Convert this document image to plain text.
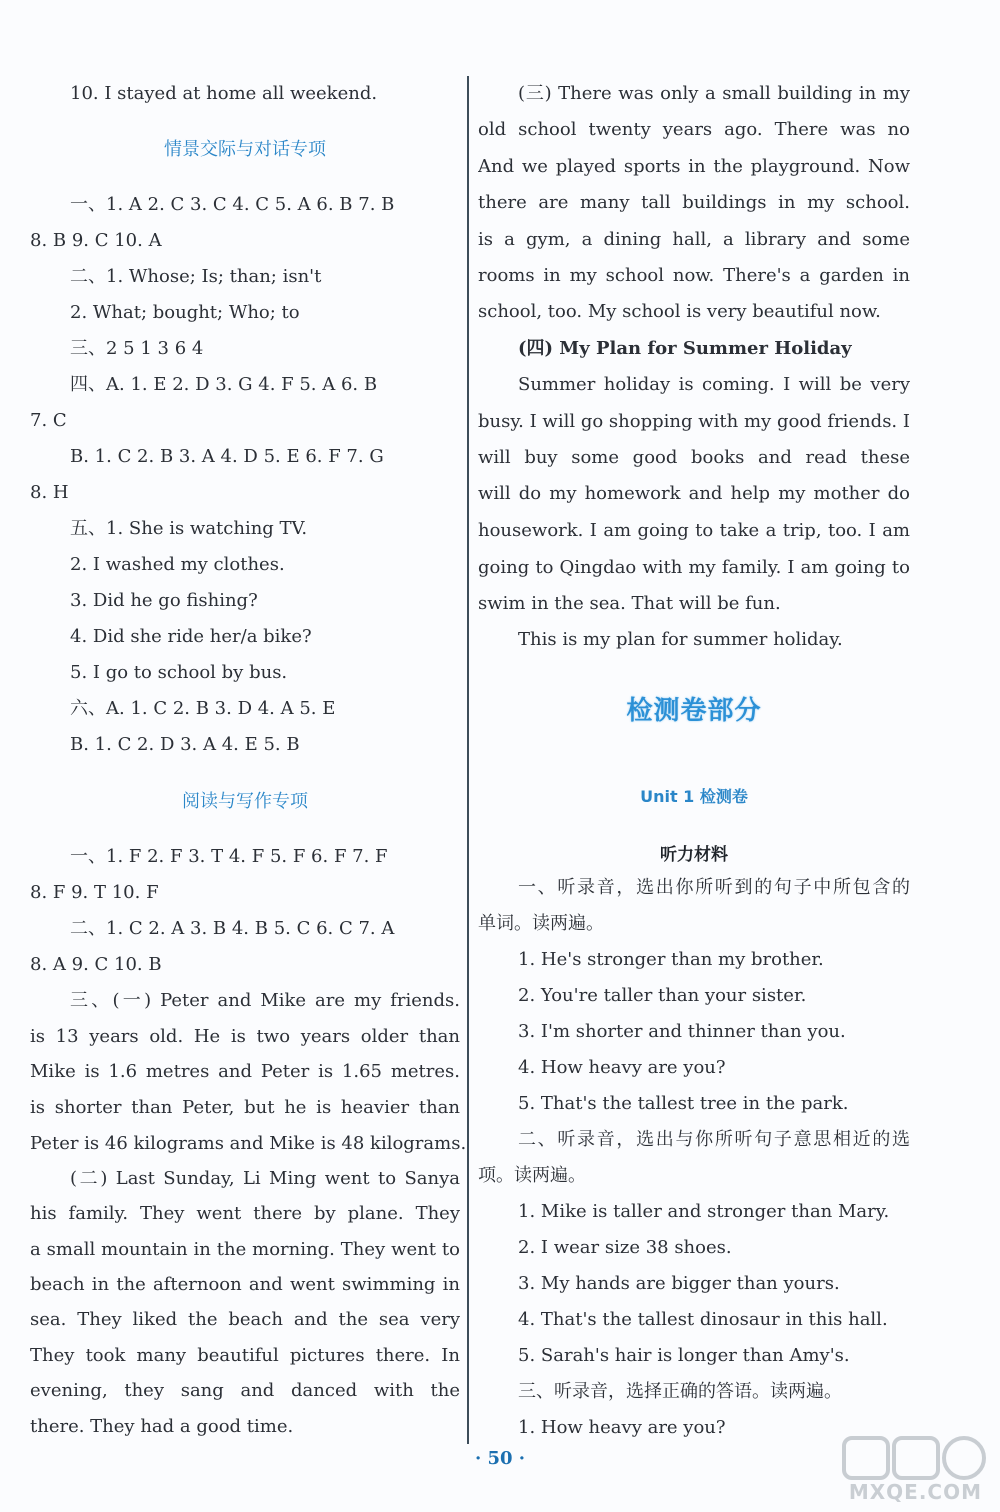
10. I stayed at home all weekend.
情景交际与对话专项
一、1. A 2. C 3. C 4. C 5. A 6. B 7. B
8. B 9. C 10. A
二、1. Whose; Is; than; isn't
2. What; bought; Who; to
三、2 5 1 3 6 4
四、A. 1. E 2. D 3. G 4. F 5. A 6. B
7. C
B. 1. C 2. B 3. A 4. D 5. E 6. F 7. G
8. H
五、1. She is watching TV.
2. I washed my clothes.
3. Did he go fishing?
4. Did she ride her/a bike?
5. I go to school by bus.
六、A. 1. C 2. B 3. D 4. A 5. E
B. 1. C 2. D 3. A 4. E 5. B
阅读与写作专项
一、1. F 2. F 3. T 4. F 5. F 6. F 7. F
8. F 9. T 10. F
二、1. C 2. A 3. B 4. B 5. C 6. C 7. A
8. A 9. C 10. B
三、(一) Peter and Mike are my friends.
is 13 years old. He is two years older than
Mike is 1.6 metres and Peter is 1.65 metres.
is shorter than Peter, but he is heavier than
Peter is 46 kilograms and Mike is 48 kilograms.
(二) Last Sunday, Li Ming went to Sanya
his family. They went there by plane. They
a small mountain in the morning. They went to
beach in the afternoon and went swimming in
sea. They liked the beach and the sea very
They took many beautiful pictures there. In
evening, they sang and danced with the
there. They had a good time.
(三) There was only a small building in my
old school twenty years ago. There was no
And we played sports in the playground. Now
there are many tall buildings in my school.
is a gym, a dining hall, a library and some
rooms in my school now. There's a garden in
school, too. My school is very beautiful now.
(四) My Plan for Summer Holiday
Summer holiday is coming. I will be very
busy. I will go shopping with my good friends. I
will buy some good books and read these
will do my homework and help my mother do
housework. I am going to take a trip, too. I am
going to Qingdao with my family. I am going to
swim in the sea. That will be fun.
This is my plan for summer holiday.
检测卷部分
Unit 1 检测卷
听力材料
一、听录音，选出你所听到的句子中所包含的
单词。读两遍。
1. He's stronger than my brother.
2. You're taller than your sister.
3. I'm shorter and thinner than you.
4. How heavy are you?
5. That's the tallest tree in the park.
二、听录音，选出与你所听句子意思相近的选
项。读两遍。
1. Mike is taller and stronger than Mary.
2. I wear size 38 shoes.
3. My hands are bigger than yours.
4. That's the tallest dinosaur in this hall.
5. Sarah's hair is longer than Amy's.
三、听录音，选择正确的答语。读两遍。
1. How heavy are you?
· 50 ·
MXQE.COM
